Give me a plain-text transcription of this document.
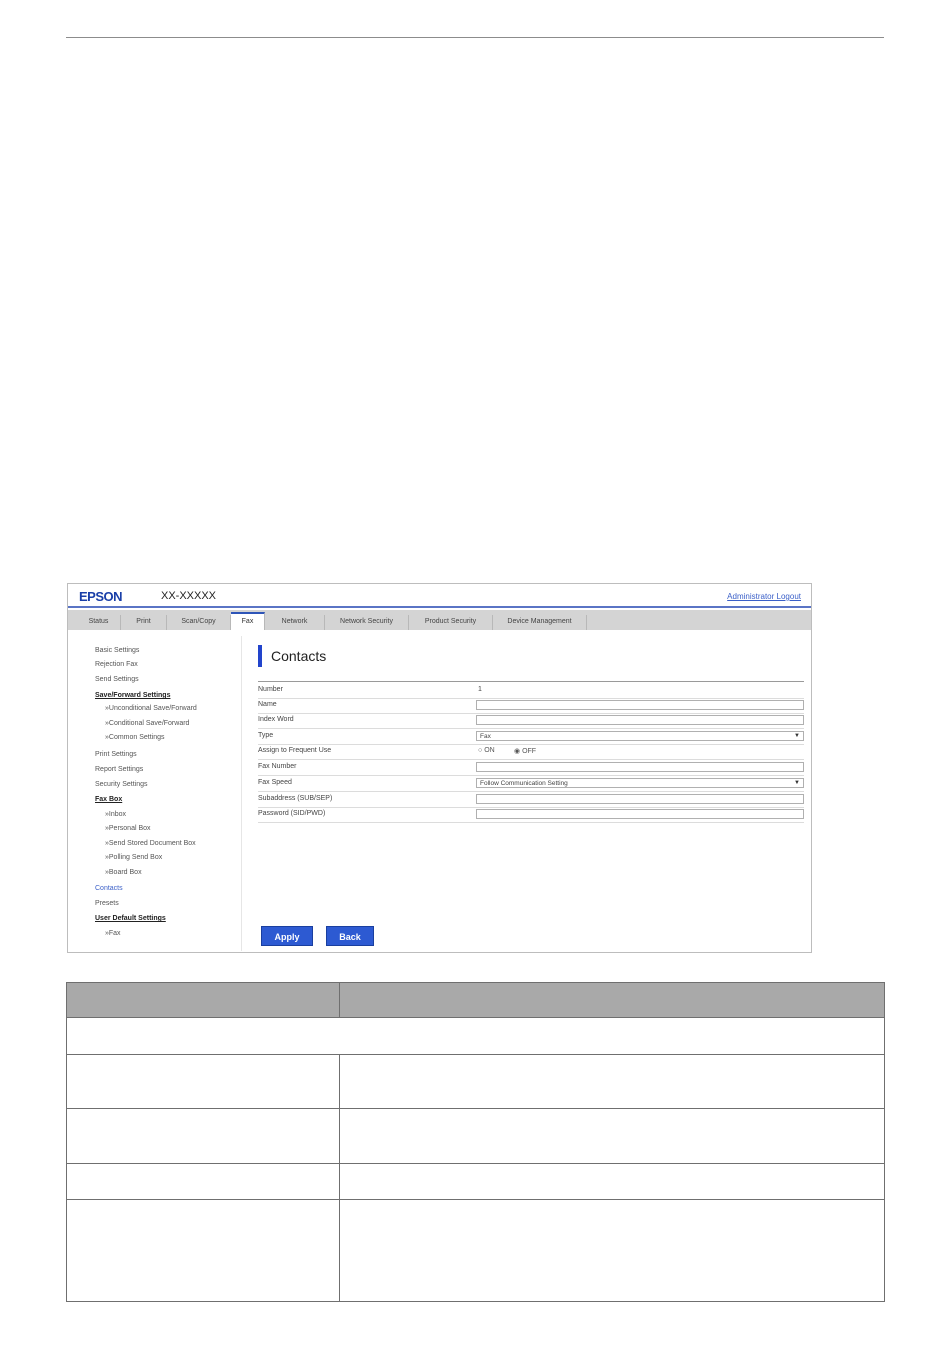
EPSON	XX-XXXXX	Administrator Logout
Status	Print	Scan/Copy	Fax	Network	Network Security	Product Security	Device Management
Basic Settings
Rejection Fax
Send Settings
Save/Forward Settings
»Unconditional Save/Forward
»Conditional Save/Forward
»Common Settings
Print Settings
Report Settings
Security Settings
Fax Box
»Inbox
»Personal Box
»Send Stored Document Box
»Polling Send Box
»Board Box
Contacts
Presets
User Default Settings
»Fax
Contacts
Number	1
Name
Index Word
Type	Fax	▼
Assign to Frequent Use	○ ON	◉ OFF
Fax Number
Fax Speed	Follow Communication Setting	▼
Subaddress (SUB/SEP)
Password (SID/PWD)
Apply	Back
